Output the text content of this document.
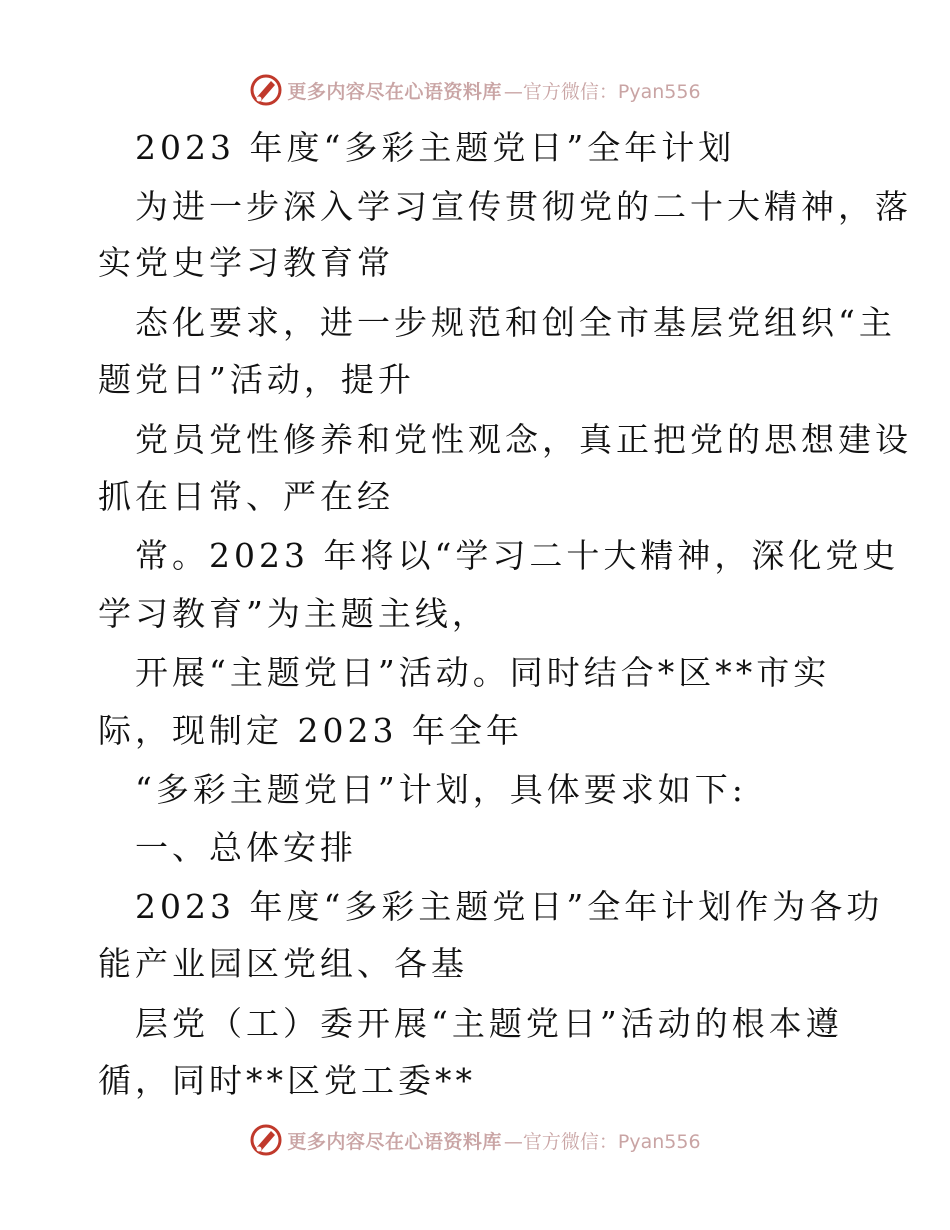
更多内容尽在心语资料库 —官方微信：Pyan556
2023 年度“多彩主题党日”全年计划
为进一步深入学习宣传贯彻党的二十大精神，落
实党史学习教育常
态化要求，进一步规范和创全市基层党组织“主
题党日”活动，提升
党员党性修养和党性观念，真正把党的思想建设
抓在日常、严在经
常。2023 年将以“学习二十大精神，深化党史
学习教育”为主题主线，
开展“主题党日”活动。同时结合*区**市实
际，现制定 2023 年全年
“多彩主题党日”计划，具体要求如下:
一、总体安排
2023 年度“多彩主题党日”全年计划作为各功
能产业园区党组、各基
层党（工）委开展“主题党日”活动的根本遵
循，同时**区党工委**
更多内容尽在心语资料库 —官方微信：Pyan556
